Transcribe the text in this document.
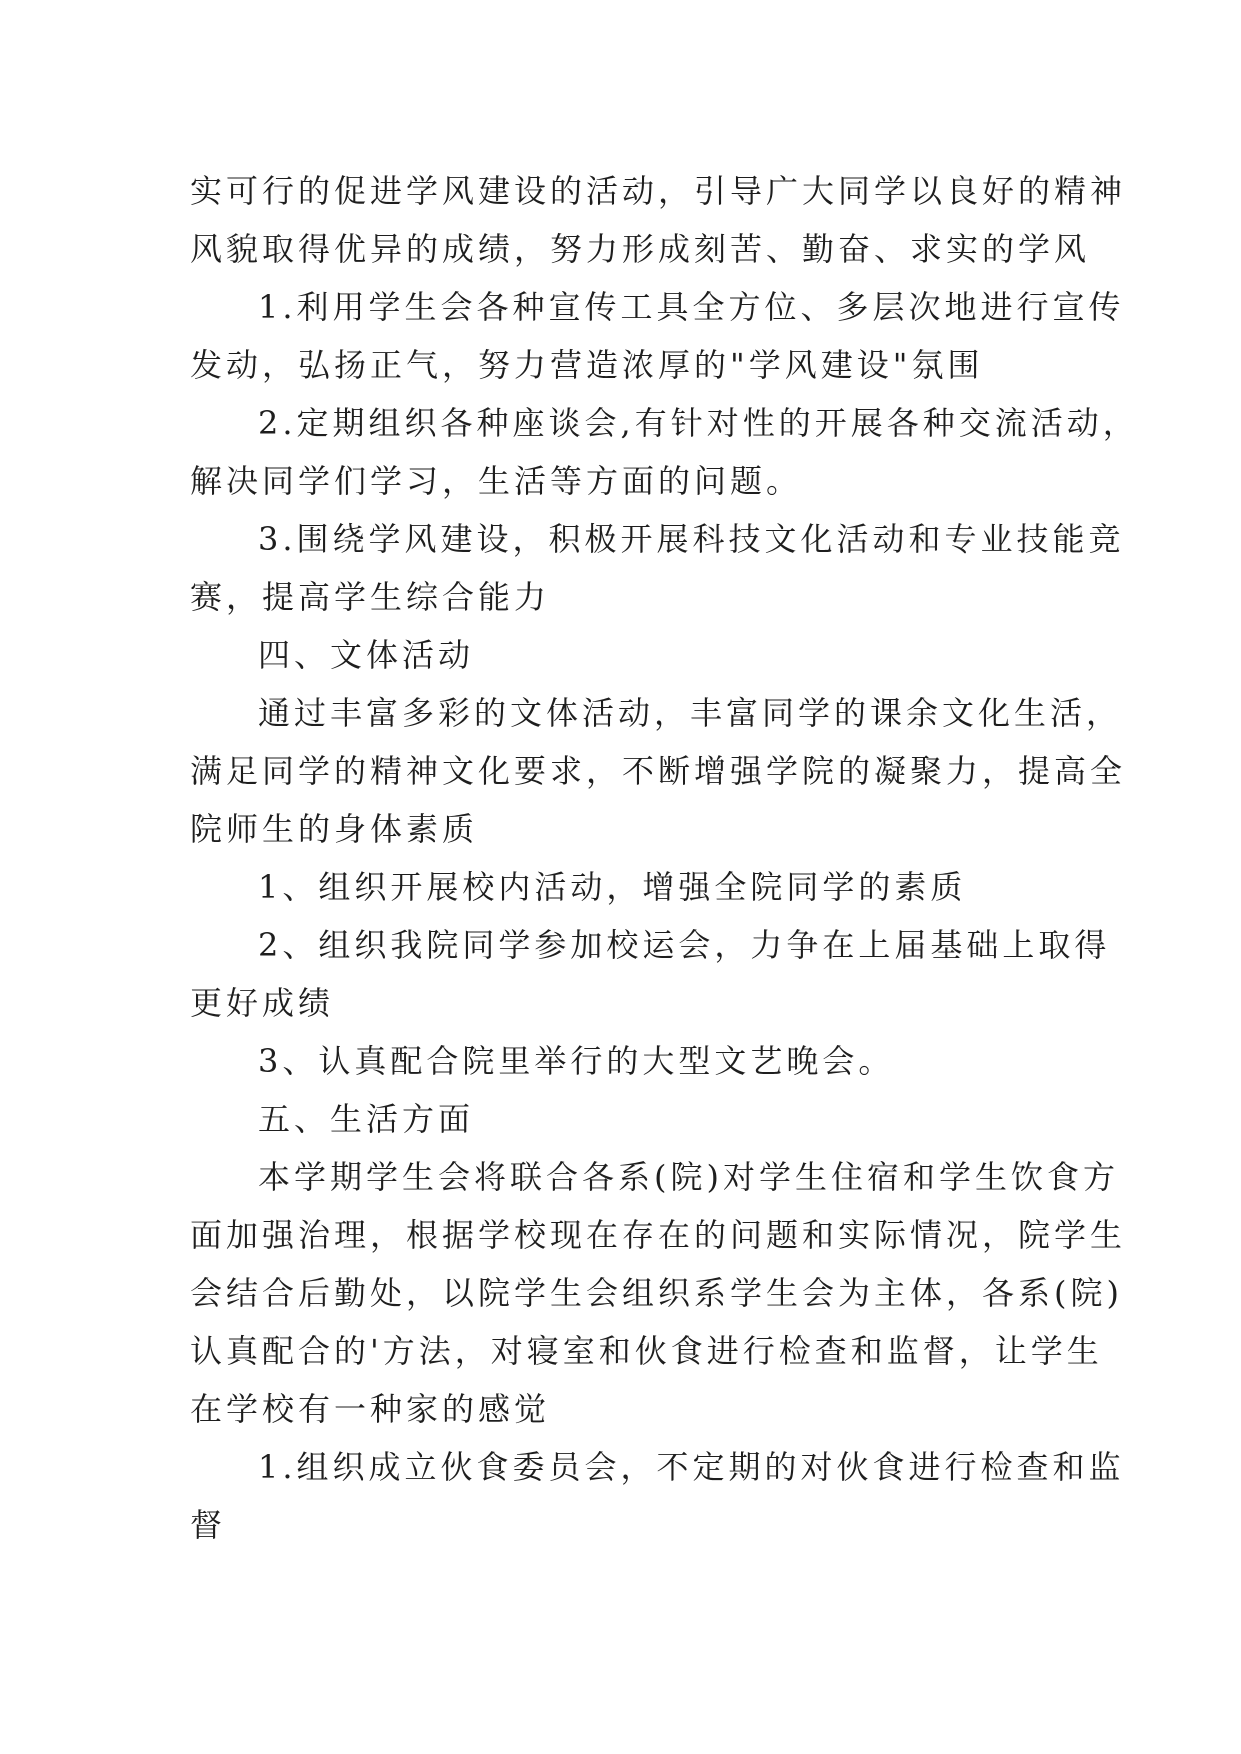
实可行的促进学风建设的活动，引导广大同学以良好的精神
风貌取得优异的成绩，努力形成刻苦、勤奋、求实的学风
1.利用学生会各种宣传工具全方位、多层次地进行宣传
发动，弘扬正气，努力营造浓厚的"学风建设"氛围
2.定期组织各种座谈会,有针对性的开展各种交流活动，
解决同学们学习，生活等方面的问题。
3.围绕学风建设，积极开展科技文化活动和专业技能竞
赛，提高学生综合能力
四、文体活动
通过丰富多彩的文体活动，丰富同学的课余文化生活，
满足同学的精神文化要求，不断增强学院的凝聚力，提高全
院师生的身体素质
1、组织开展校内活动，增强全院同学的素质
2、组织我院同学参加校运会，力争在上届基础上取得
更好成绩
3、认真配合院里举行的大型文艺晚会。
五、生活方面
本学期学生会将联合各系(院)对学生住宿和学生饮食方
面加强治理，根据学校现在存在的问题和实际情况，院学生
会结合后勤处，以院学生会组织系学生会为主体，各系(院)
认真配合的'方法，对寝室和伙食进行检查和监督，让学生
在学校有一种家的感觉
1.组织成立伙食委员会，不定期的对伙食进行检查和监
督
